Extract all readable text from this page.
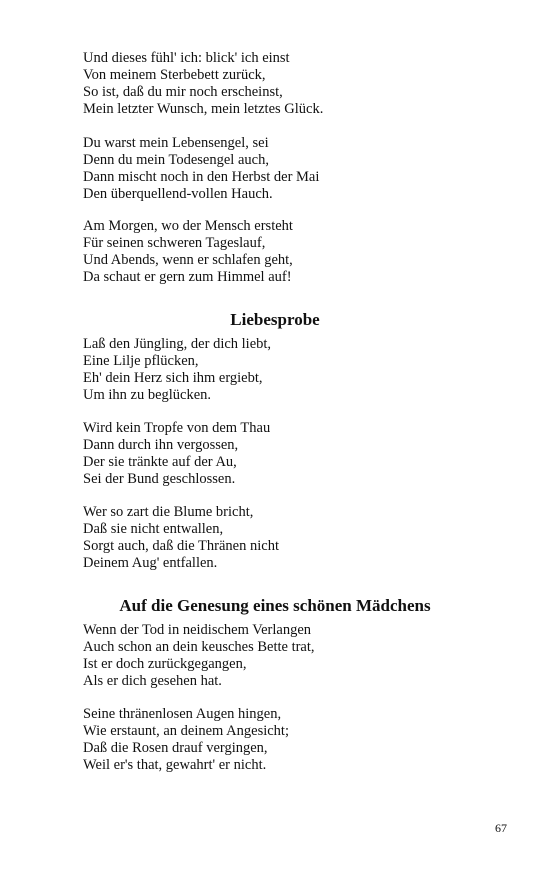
Und dieses fühl' ich: blick' ich einst
Von meinem Sterbebett zurück,
So ist, daß du mir noch erscheinst,
Mein letzter Wunsch, mein letztes Glück.
Du warst mein Lebensengel, sei
Denn du mein Todesengel auch,
Dann mischt noch in den Herbst der Mai
Den überquellend-vollen Hauch.
Am Morgen, wo der Mensch ersteht
Für seinen schweren Tageslauf,
Und Abends, wenn er schlafen geht,
Da schaut er gern zum Himmel auf!
Liebesprobe
Laß den Jüngling, der dich liebt,
Eine Lilje pflücken,
Eh' dein Herz sich ihm ergiebt,
Um ihn zu beglücken.
Wird kein Tropfe von dem Thau
Dann durch ihn vergossen,
Der sie tränkte auf der Au,
Sei der Bund geschlossen.
Wer so zart die Blume bricht,
Daß sie nicht entwallen,
Sorgt auch, daß die Thränen nicht
Deinem Aug' entfallen.
Auf die Genesung eines schönen Mädchens
Wenn der Tod in neidischem Verlangen
Auch schon an dein keusches Bette trat,
Ist er doch zurückgegangen,
Als er dich gesehen hat.
Seine thränenlosen Augen hingen,
Wie erstaunt, an deinem Angesicht;
Daß die Rosen drauf vergingen,
Weil er's that, gewahrt' er nicht.
67
